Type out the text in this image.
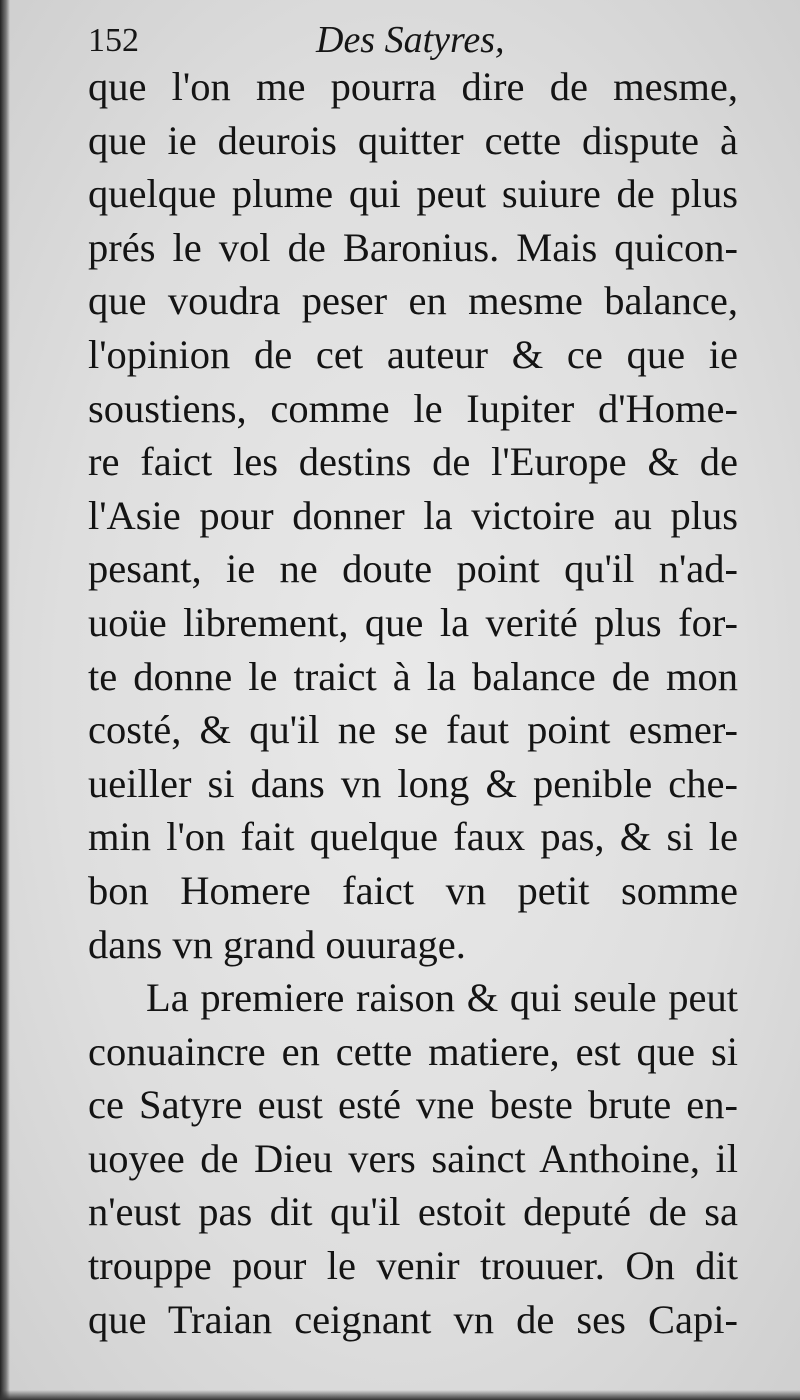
152	Des Satyres,
que l'on me pourra dire de mesme,
que ie deurois quitter cette dispute à
quelque plume qui peut suiure de plus
prés le vol de Baronius. Mais quicon-
que voudra peser en mesme balance,
l'opinion de cet auteur & ce que ie
soustiens, comme le Iupiter d'Home-
re faict les destins de l'Europe & de
l'Asie pour donner la victoire au plus
pesant, ie ne doute point qu'il n'ad-
uoüe librement, que la verité plus for-
te donne le traict à la balance de mon
costé, & qu'il ne se faut point esmer-
ueiller si dans vn long & penible che-
min l'on fait quelque faux pas, & si le
bon Homere faict vn petit somme
dans vn grand ouurage.
La premiere raison & qui seule peut
conuaincre en cette matiere, est que si
ce Satyre eust esté vne beste brute en-
uoyee de Dieu vers sainct Anthoine, il
n'eust pas dit qu'il estoit deputé de sa
trouppe pour le venir trouuer. On dit
que Traian ceignant vn de ses Capi-
